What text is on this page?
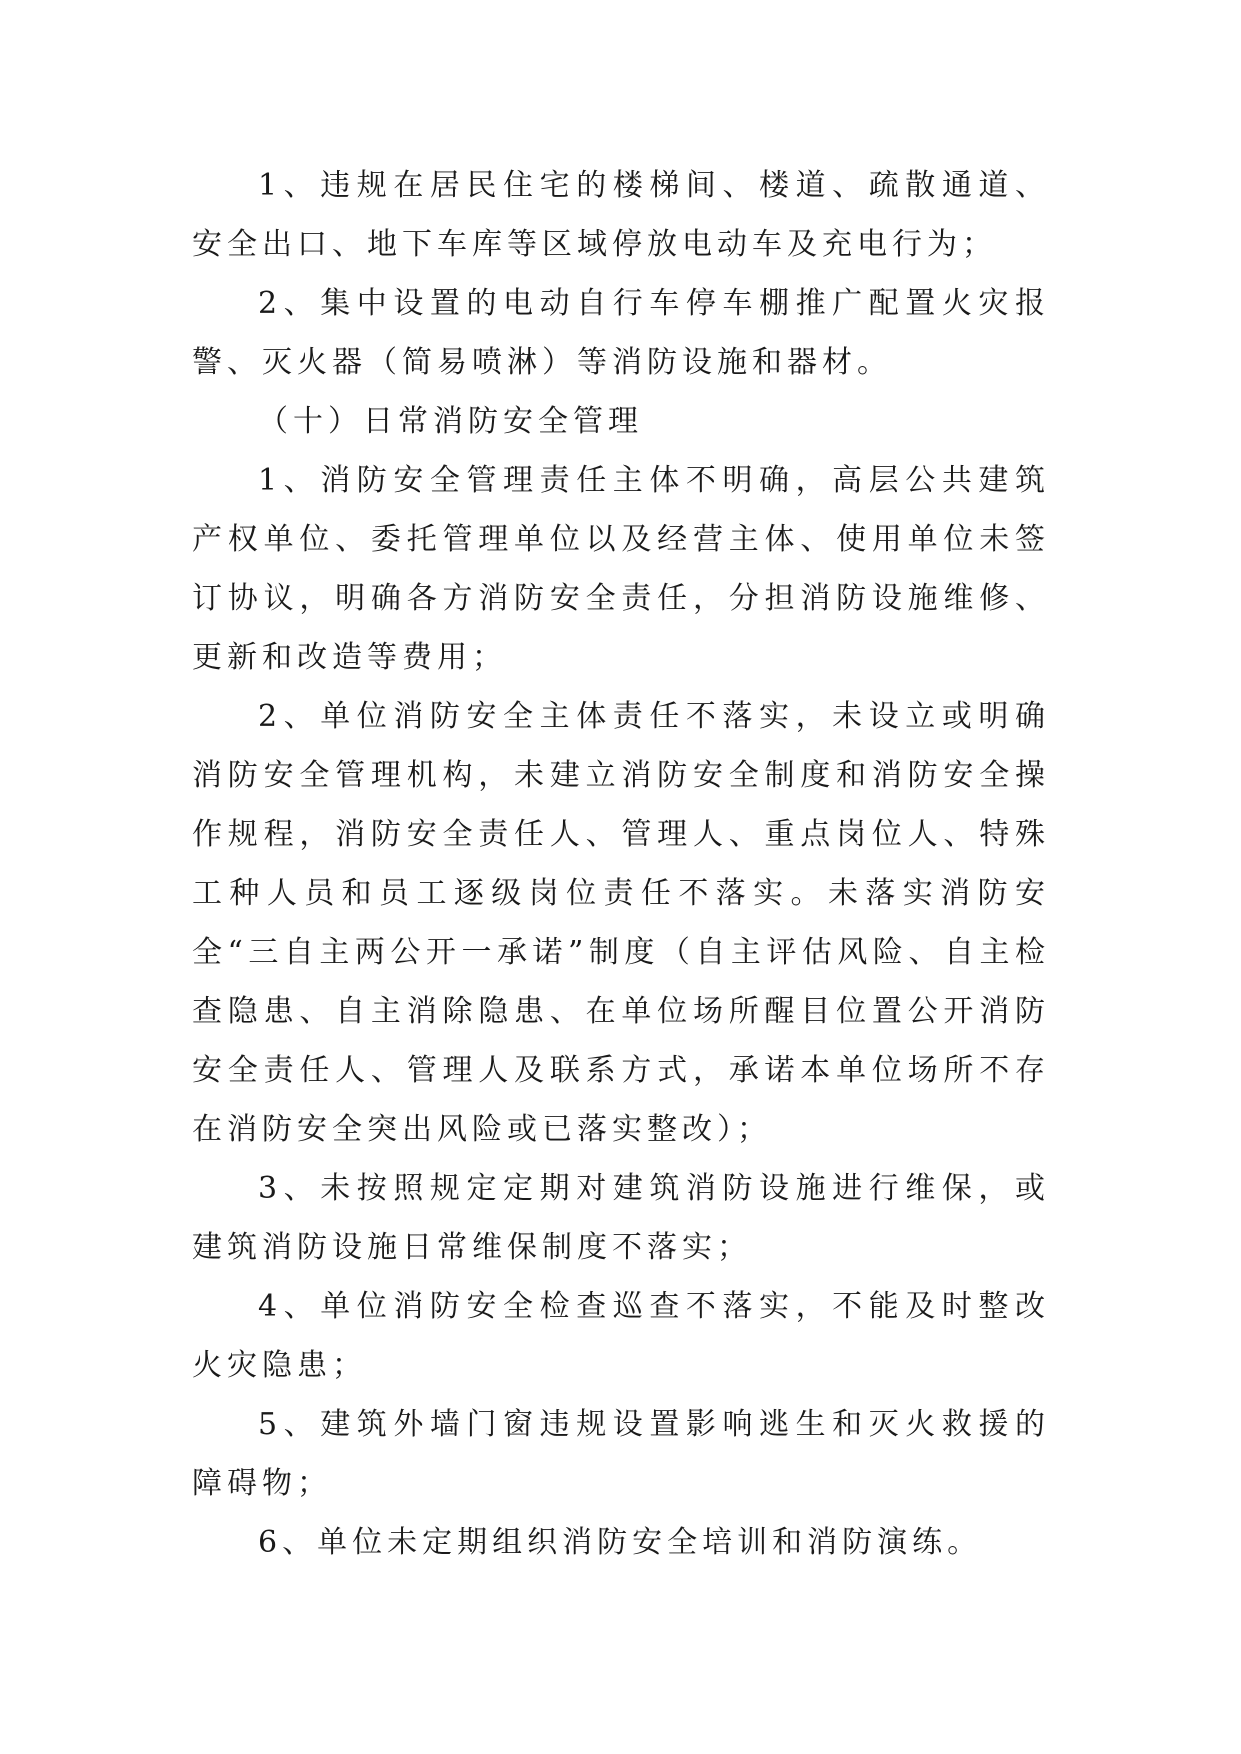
1、违规在居民住宅的楼梯间、楼道、疏散通道、安全出口、地下车库等区域停放电动车及充电行为；

2、集中设置的电动自行车停车棚推广配置火灾报警、灭火器（简易喷淋）等消防设施和器材。

（十）日常消防安全管理

1、消防安全管理责任主体不明确，高层公共建筑产权单位、委托管理单位以及经营主体、使用单位未签订协议，明确各方消防安全责任，分担消防设施维修、更新和改造等费用；

2、单位消防安全主体责任不落实，未设立或明确消防安全管理机构，未建立消防安全制度和消防安全操作规程，消防安全责任人、管理人、重点岗位人、特殊工种人员和员工逐级岗位责任不落实。未落实消防安全“三自主两公开一承诺”制度（自主评估风险、自主检查隐患、自主消除隐患、在单位场所醒目位置公开消防安全责任人、管理人及联系方式，承诺本单位场所不存在消防安全突出风险或已落实整改）；

3、未按照规定定期对建筑消防设施进行维保，或建筑消防设施日常维保制度不落实；

4、单位消防安全检查巡查不落实，不能及时整改火灾隐患；

5、建筑外墙门窗违规设置影响逃生和灭火救援的障碍物；

6、单位未定期组织消防安全培训和消防演练。
